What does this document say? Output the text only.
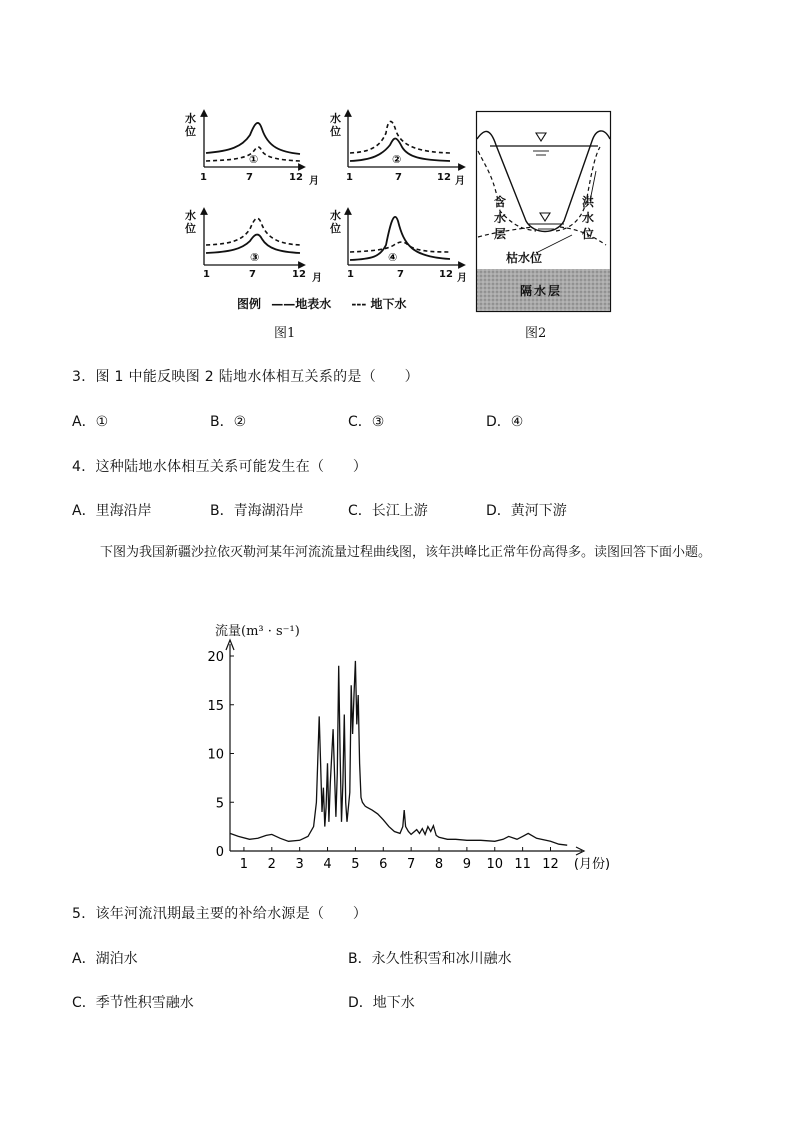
①	②
③	④
水
位
水
位
水
位
水
位
1	7	12 月	1	7	12 月
1	7	12 月	1	7	12 月
图例 ——地表水 --- 地下水
图1
含
水
层
洪
水
位
枯水位
隔水层
图2
3．图 1 中能反映图 2 陆地水体相互关系的是（　　）
A．①	B．②	C．③	D．④
4．这种陆地水体相互关系可能发生在（　　）
A．里海沿岸	B．青海湖沿岸	C．长江上游	D．黄河下游
下图为我国新疆沙拉依灭勒河某年河流流量过程曲线图，该年洪峰比正常年份高得多。读图回答下面小题。
流量(m³ · s⁻¹)
0
5
10
15
20
1 2 3 4 5 6 7 8 9 10 11 12 (月份)
5．该年河流汛期最主要的补给水源是（　　）
A．湖泊水	B．永久性积雪和冰川融水
C．季节性积雪融水	D．地下水
